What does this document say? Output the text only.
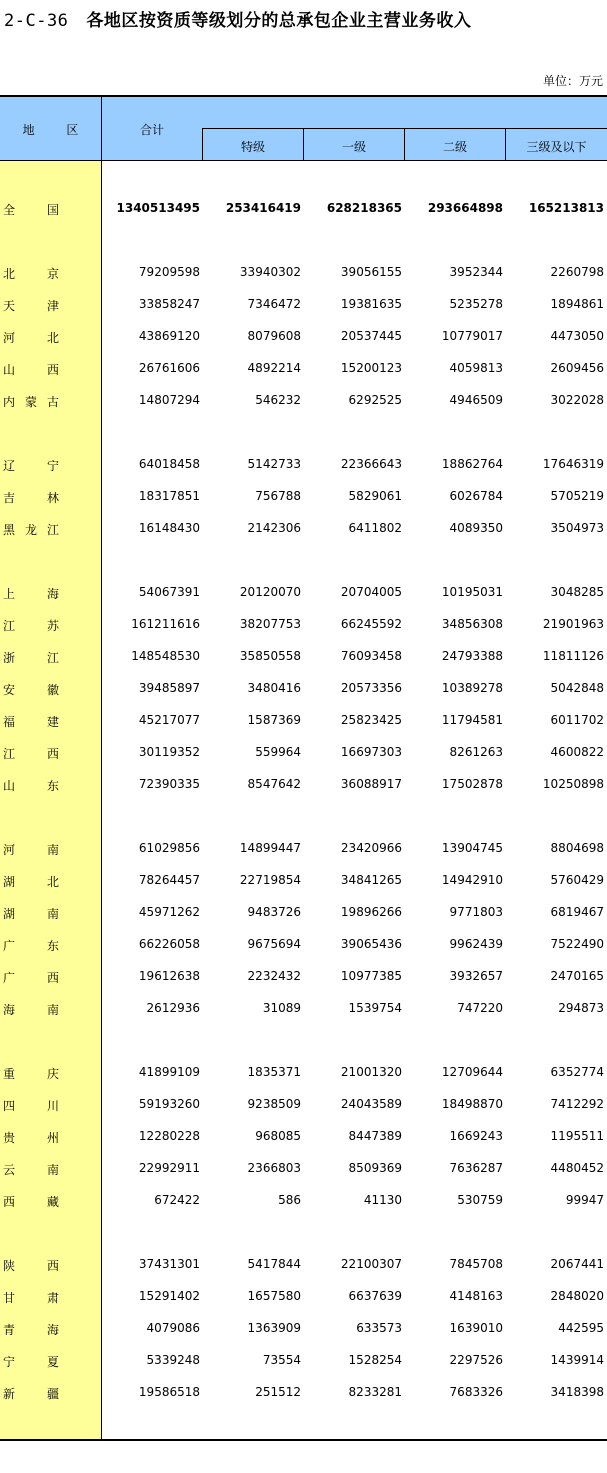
2-C-36 各地区按资质等级划分的总承包企业主营业务收入
单位：万元
地 区	合计
特级	一级	二级	三级及以下
全	国	1340513495	253416419	628218365	293664898	165213813
北	京	79209598	33940302	39056155	3952344	2260798
天	津	33858247	7346472	19381635	5235278	1894861
河	北	43869120	8079608	20537445	10779017	4473050
山	西	26761606	4892214	15200123	4059813	2609456
内 蒙 古	14807294	546232	6292525	4946509	3022028
辽	宁	64018458	5142733	22366643	18862764	17646319
吉	林	18317851	756788	5829061	6026784	5705219
黑 龙 江	16148430	2142306	6411802	4089350	3504973
上	海	54067391	20120070	20704005	10195031	3048285
江	苏	161211616	38207753	66245592	34856308	21901963
浙	江	148548530	35850558	76093458	24793388	11811126
安	徽	39485897	3480416	20573356	10389278	5042848
福	建	45217077	1587369	25823425	11794581	6011702
江	西	30119352	559964	16697303	8261263	4600822
山	东	72390335	8547642	36088917	17502878	10250898
河	南	61029856	14899447	23420966	13904745	8804698
湖	北	78264457	22719854	34841265	14942910	5760429
湖	南	45971262	9483726	19896266	9771803	6819467
广	东	66226058	9675694	39065436	9962439	7522490
广	西	19612638	2232432	10977385	3932657	2470165
海	南	2612936	31089	1539754	747220	294873
重	庆	41899109	1835371	21001320	12709644	6352774
四	川	59193260	9238509	24043589	18498870	7412292
贵	州	12280228	968085	8447389	1669243	1195511
云	南	22992911	2366803	8509369	7636287	4480452
西	藏	672422	586	41130	530759	99947
陕	西	37431301	5417844	22100307	7845708	2067441
甘	肃	15291402	1657580	6637639	4148163	2848020
青	海	4079086	1363909	633573	1639010	442595
宁	夏	5339248	73554	1528254	2297526	1439914
新	疆	19586518	251512	8233281	7683326	3418398
